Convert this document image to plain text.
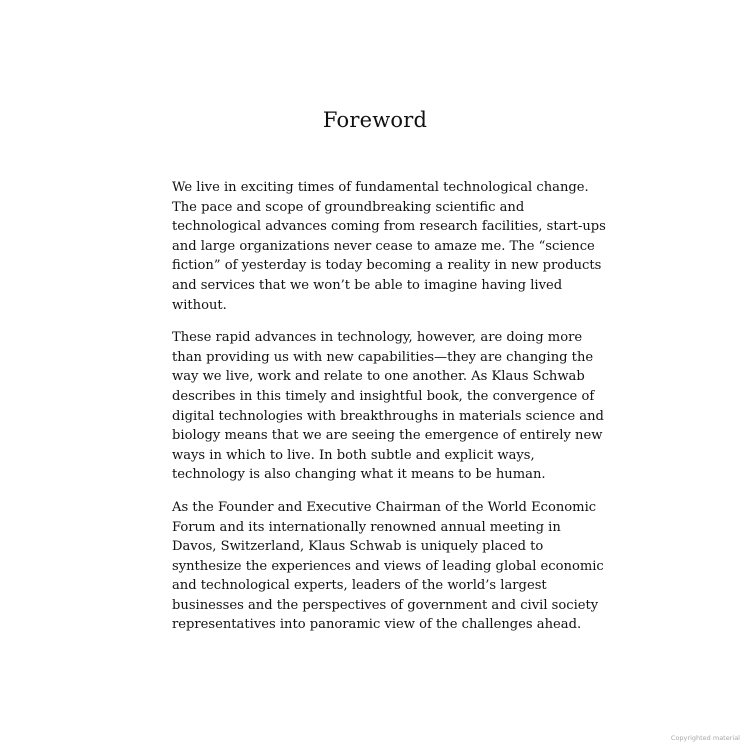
Foreword

We live in exciting times of fundamental technological change.
The pace and scope of groundbreaking scientific and
technological advances coming from research facilities, start-ups
and large organizations never cease to amaze me. The “science
fiction” of yesterday is today becoming a reality in new products
and services that we won’t be able to imagine having lived
without.

These rapid advances in technology, however, are doing more
than providing us with new capabilities—they are changing the
way we live, work and relate to one another. As Klaus Schwab
describes in this timely and insightful book, the convergence of
digital technologies with breakthroughs in materials science and
biology means that we are seeing the emergence of entirely new
ways in which to live. In both subtle and explicit ways,
technology is also changing what it means to be human.

As the Founder and Executive Chairman of the World Economic
Forum and its internationally renowned annual meeting in
Davos, Switzerland, Klaus Schwab is uniquely placed to
synthesize the experiences and views of leading global economic
and technological experts, leaders of the world’s largest
businesses and the perspectives of government and civil society
representatives into panoramic view of the challenges ahead.

Copyrighted material
